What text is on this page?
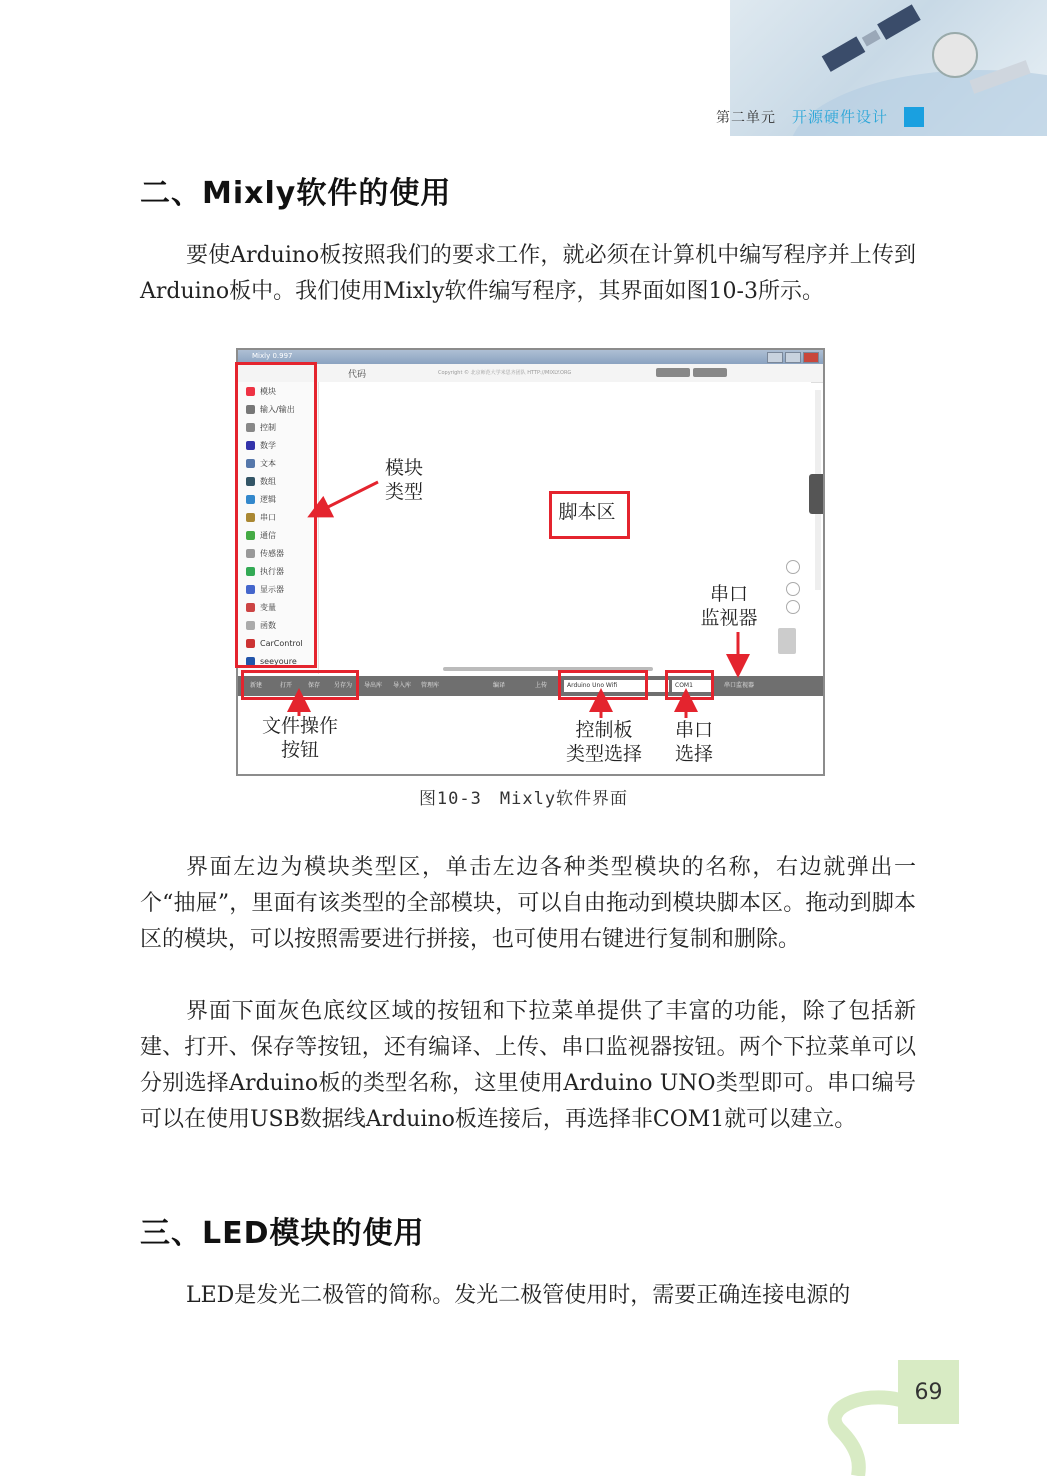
第二单元 开源硬件设计
二、Mixly软件的使用

要使Arduino板按照我们的要求工作，就必须在计算机中编写程序并上传到Arduino板中。我们使用Mixly软件编写程序，其界面如图10-3所示。

Mixly 0.997
代码	Copyright © 北京师范大学米思齐团队 HTTP://MIXLY.ORG
模块
输入/输出
控制
数学
文本
数组
逻辑
串口
通信
传感器
执行器
显示器
变量
函数
CarControl
seeyoure
新建	打开	保存 另存为 导出库 导入库 管理库	编译	上传	Arduino Uno Wifi	COM1	串口监视器
模块
类型
脚本区
串口
监视器
文件操作
按钮
控制板
类型选择
串口
选择
图10-3　Mixly软件界面

界面左边为模块类型区，单击左边各种类型模块的名称，右边就弹出一个“抽屉”，里面有该类型的全部模块，可以自由拖动到模块脚本区。拖动到脚本区的模块，可以按照需要进行拼接，也可使用右键进行复制和删除。

界面下面灰色底纹区域的按钮和下拉菜单提供了丰富的功能，除了包括新建、打开、保存等按钮，还有编译、上传、串口监视器按钮。两个下拉菜单可以分别选择Arduino板的类型名称，这里使用Arduino UNO类型即可。串口编号可以在使用USB数据线Arduino板连接后，再选择非COM1就可以建立。

三、LED模块的使用

LED是发光二极管的简称。发光二极管使用时，需要正确连接电源的

69
